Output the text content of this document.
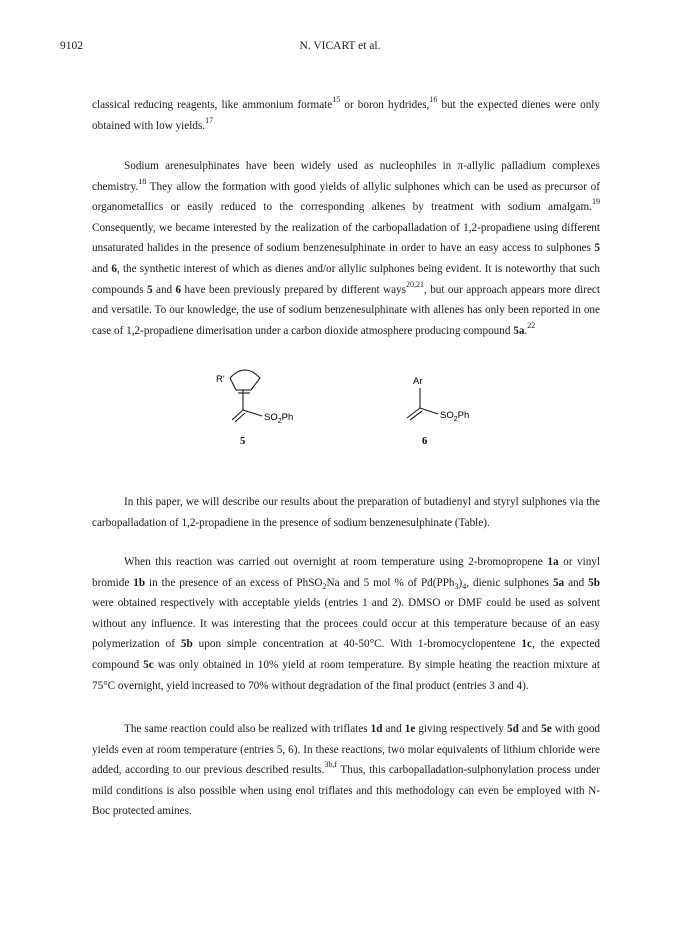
9102	N. VICART et al.

classical reducing reagents, like ammonium formate$^{15}$ or boron hydrides,$^{16}$ but the expected dienes were only obtained with low yields.$^{17}$

Sodium arenesulphinates have been widely used as nucleophiles in π-allylic palladium complexes chemistry.$^{18}$ They allow the formation with good yields of allylic sulphones which can be used as precursor of organometallics or easily reduced to the corresponding alkenes by treatment with sodium amalgam.$^{19}$ Consequently, we became interested by the realization of the carbopalladation of 1,2-propadiene using different unsaturated halides in the presence of sodium benzenesulphinate in order to have an easy access to sulphones 5 and 6, the synthetic interest of which as dienes and/or allylic sulphones being evident. It is noteworthy that such compounds 5 and 6 have been previously prepared by different ways$^{20,21}$, but our approach appears more direct and versatile. To our knowledge, the use of sodium benzenesulphinate with allenes has only been reported in one case of 1,2-propadiene dimerisation under a carbon dioxide atmosphere producing compound 5a.$^{22}$

R'
$SO_2Ph$
5
Ar
$SO_2Ph$
6

In this paper, we will describe our results about the preparation of butadienyl and styryl sulphones via the carbopalladation of 1,2-propadiene in the presence of sodium benzenesulphinate (Table).

When this reaction was carried out overnight at room temperature using 2-bromopropene 1a or vinyl bromide 1b in the presence of an excess of PhSO$_2$Na and 5 mol % of $Pd(PPh_3)_4$, dienic sulphones 5a and 5b were obtained respectively with acceptable yields (entries 1 and 2). DMSO or DMF could be used as solvent without any influence. It was interesting that the procees could occur at this temperature because of an easy polymerization of 5b upon simple concentration at 40-50°C. With 1-bromocyclopentene 1c, the expected compound 5c was only obtained in 10% yield at room temperature. By simple heating the reaction mixture at 75°C overnight, yield increased to 70% without degradation of the final product (entries 3 and 4).

The same reaction could also be realized with triflates 1d and 1e giving respectively 5d and 5e with good yields even at room temperature (entries 5, 6). In these reactions, two molar equivalents of lithium chloride were added, according to our previous described results.$^{3b,f}$ Thus, this carbopalladation-sulphonylation process under mild conditions is also possible when using enol triflates and this methodology can even be employed with N-Boc protected amines.
